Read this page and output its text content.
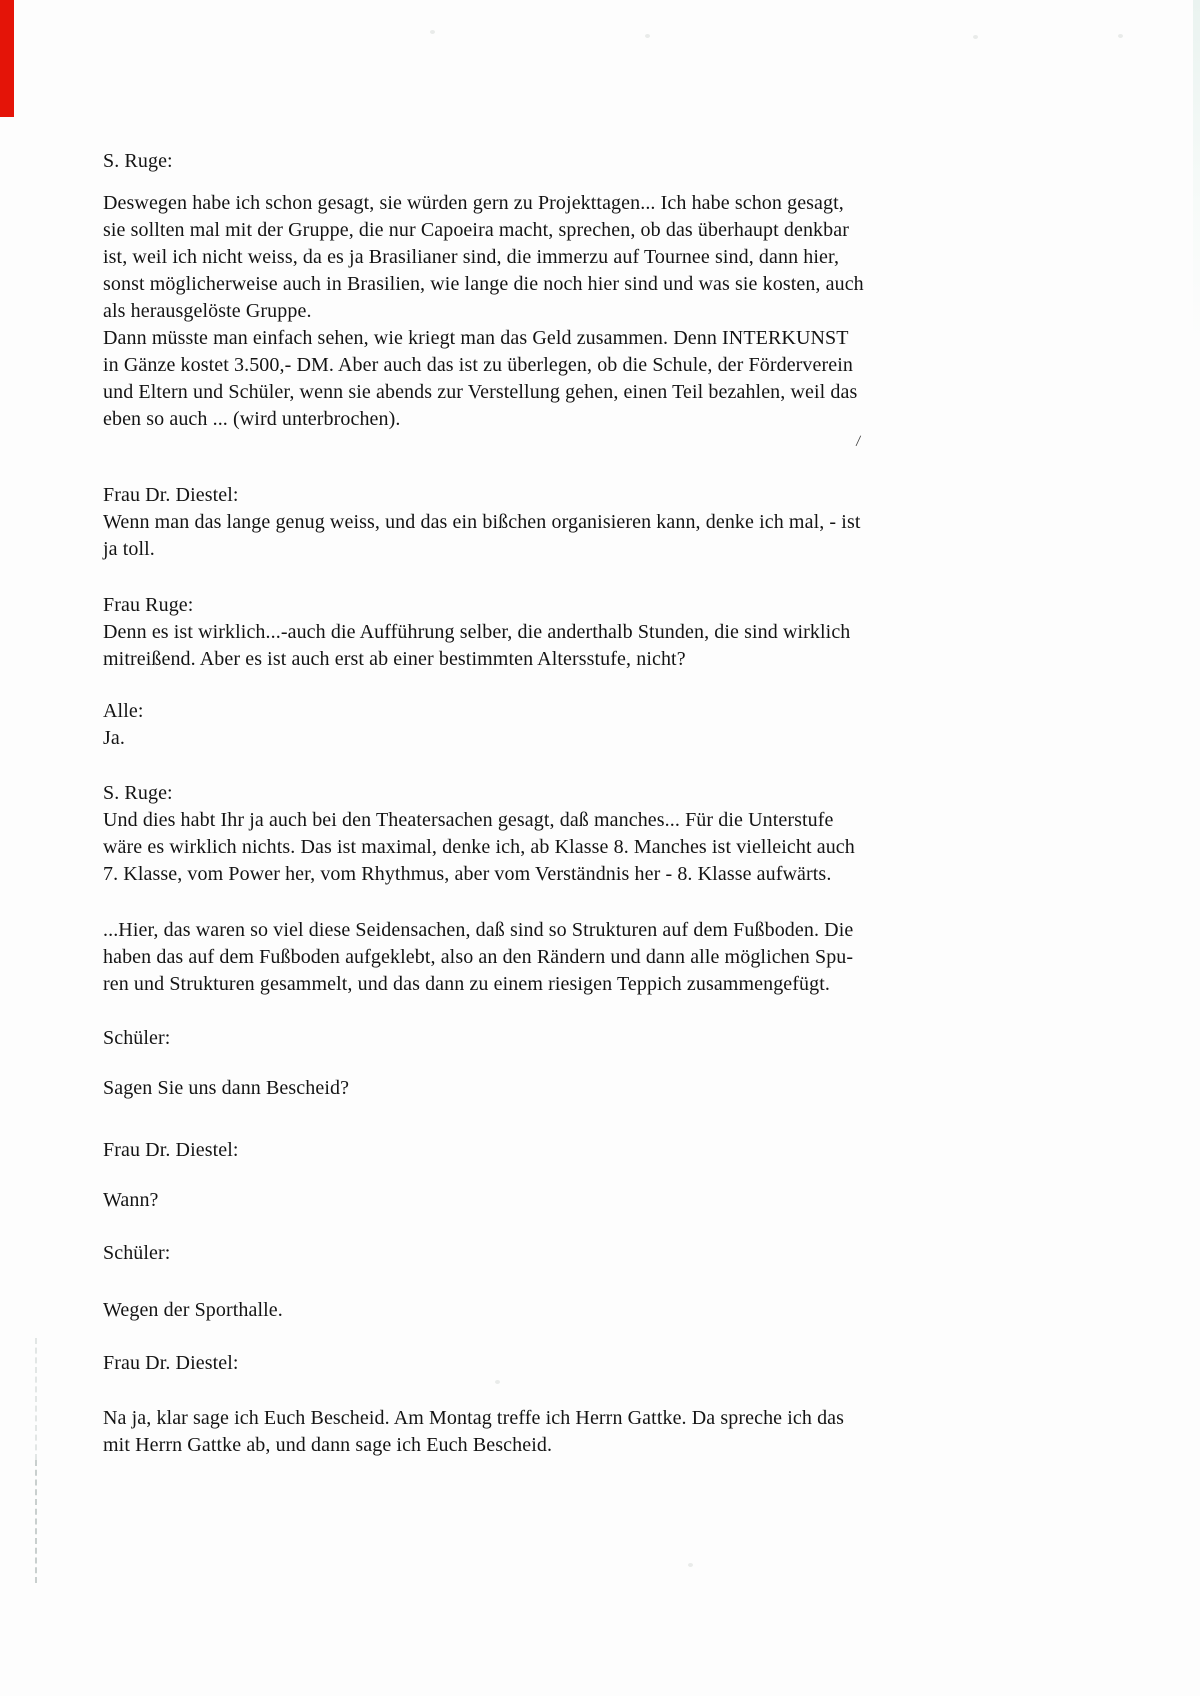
/
S. Ruge:
Deswegen habe ich schon gesagt, sie würden gern zu Projekttagen... Ich habe schon gesagt,
sie sollten mal mit der Gruppe, die nur Capoeira macht, sprechen, ob das überhaupt denkbar
ist, weil ich nicht weiss, da es ja Brasilianer sind, die immerzu auf Tournee sind, dann hier,
sonst möglicherweise auch in Brasilien, wie lange die noch hier sind und was sie kosten, auch
als herausgelöste Gruppe.
Dann müsste man einfach sehen, wie kriegt man das Geld zusammen. Denn INTERKUNST
in Gänze kostet 3.500,- DM. Aber auch das ist zu überlegen, ob die Schule, der Förderverein
und Eltern und Schüler, wenn sie abends zur Verstellung gehen, einen Teil bezahlen, weil das
eben so auch ... (wird unterbrochen).
Frau Dr. Diestel:
Wenn man das lange genug weiss, und das ein bißchen organisieren kann, denke ich mal, - ist
ja toll.
Frau Ruge:
Denn es ist wirklich...-auch die Aufführung selber, die anderthalb Stunden, die sind wirklich
mitreißend. Aber es ist auch erst ab einer bestimmten Altersstufe, nicht?
Alle:
Ja.
S. Ruge:
Und dies habt Ihr ja auch bei den Theatersachen gesagt, daß manches... Für die Unterstufe
wäre es wirklich nichts. Das ist maximal, denke ich, ab Klasse 8. Manches ist vielleicht auch
7. Klasse, vom Power her, vom Rhythmus, aber vom Verständnis her - 8. Klasse aufwärts.
...Hier, das waren so viel diese Seidensachen, daß sind so Strukturen auf dem Fußboden. Die
haben das auf dem Fußboden aufgeklebt, also an den Rändern und dann alle möglichen Spu-
ren und Strukturen gesammelt, und das dann zu einem riesigen Teppich zusammengefügt.
Schüler:
Sagen Sie uns dann Bescheid?
Frau Dr. Diestel:
Wann?
Schüler:
Wegen der Sporthalle.
Frau Dr. Diestel:
Na ja, klar sage ich Euch Bescheid. Am Montag treffe ich Herrn Gattke. Da spreche ich das
mit Herrn Gattke ab, und dann sage ich Euch Bescheid.
